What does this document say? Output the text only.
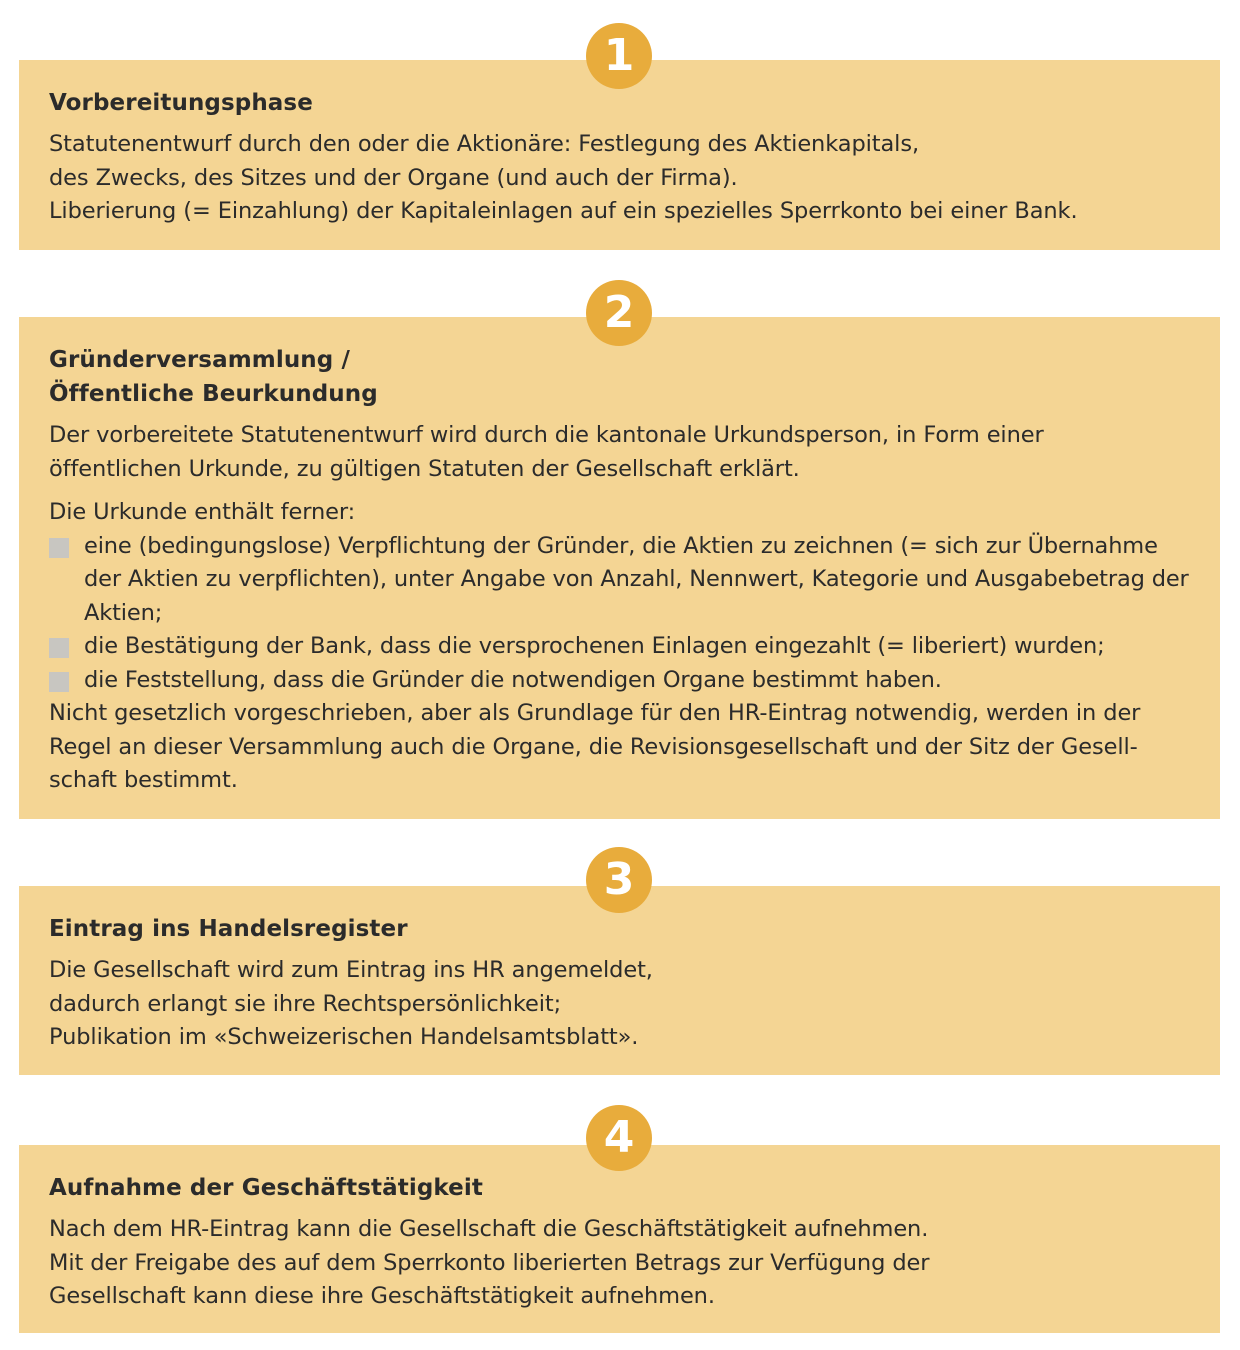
1
Vorbereitungsphase

Statutenentwurf durch den oder die Aktionäre: Festlegung des Aktienkapitals,
des Zwecks, des Sitzes und der Organe (und auch der Firma).
Liberierung (= Einzahlung) der Kapitaleinlagen auf ein spezielles Sperrkonto bei einer Bank.

2
Gründerversammlung /
Öffentliche Beurkundung

Der vorbereitete Statutenentwurf wird durch die kantonale Urkundsperson, in Form einer
öffentlichen Urkunde, zu gültigen Statuten der Gesellschaft erklärt.

Die Urkunde enthält ferner:

eine (bedingungslose) Verpflichtung der Gründer, die Aktien zu zeichnen (= sich zur Übernahme der Aktien zu verpflichten), unter Angabe von Anzahl, Nennwert, Kategorie und Ausgabebetrag der Aktien;
die Bestätigung der Bank, dass die versprochenen Einlagen eingezahlt (= liberiert) wurden;
die Feststellung, dass die Gründer die notwendigen Organe bestimmt haben.

Nicht gesetzlich vorgeschrieben, aber als Grundlage für den HR-Eintrag notwendig, werden in der Regel an dieser Versammlung auch die Organe, die Revisionsgesellschaft und der Sitz der Gesell-schaft bestimmt.

3
Eintrag ins Handelsregister

Die Gesellschaft wird zum Eintrag ins HR angemeldet,
dadurch erlangt sie ihre Rechtspersönlichkeit;
Publikation im «Schweizerischen Handelsamtsblatt».

4
Aufnahme der Geschäftstätigkeit

Nach dem HR-Eintrag kann die Gesellschaft die Geschäftstätigkeit aufnehmen.
Mit der Freigabe des auf dem Sperrkonto liberierten Betrags zur Verfügung der
Gesellschaft kann diese ihre Geschäftstätigkeit aufnehmen.
